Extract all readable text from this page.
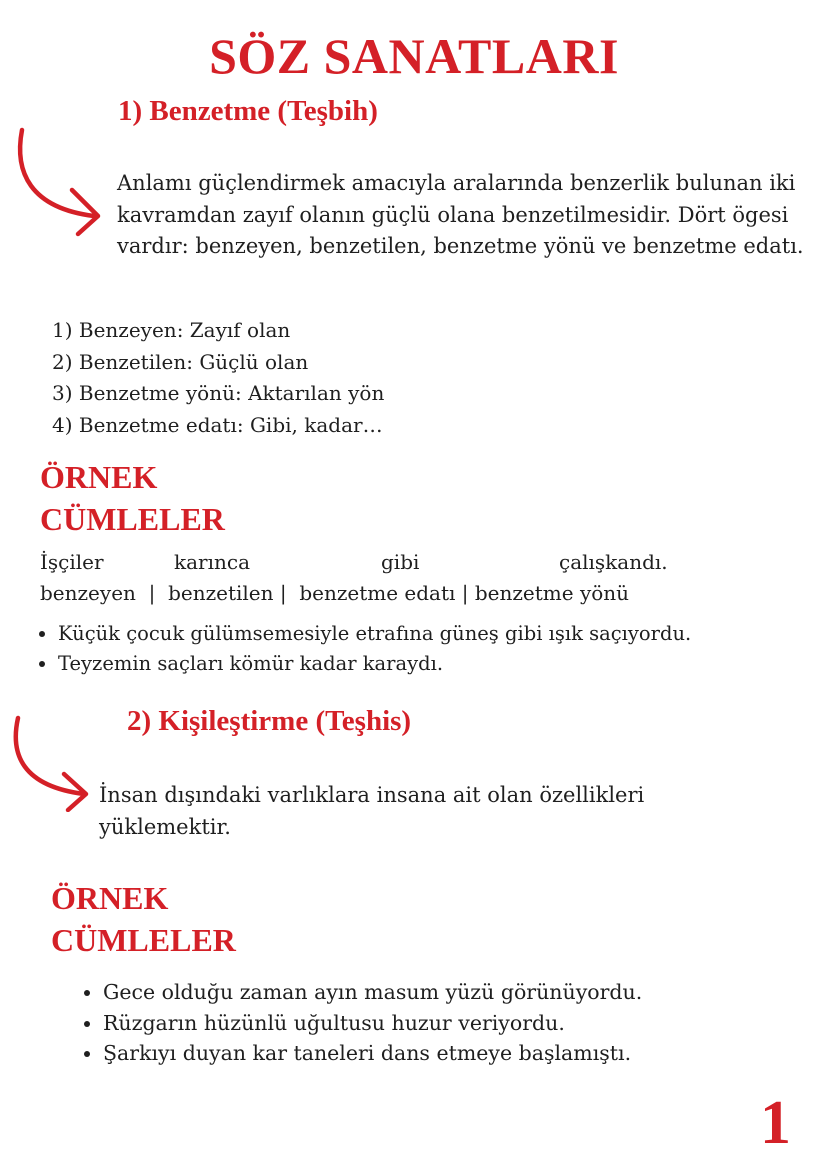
SÖZ SANATLARI
1) Benzetme (Teşbih)

Anlamı güçlendirmek amacıyla aralarında benzerlik bulunan iki kavramdan zayıf olanın güçlü olana benzetilmesidir. Dört ögesi vardır: benzeyen, benzetilen, benzetme yönü ve benzetme edatı.

1) Benzeyen: Zayıf olan
2) Benzetilen: Güçlü olan
3) Benzetme yönü: Aktarılan yön
4) Benzetme edatı: Gibi, kadar…
ÖRNEK
CÜMLELER
İşçiler	karınca	gibi	çalışkandı.
benzeyen  |  benzetilen |  benzetme edatı | benzetme yönü
• Küçük çocuk gülümsemesiyle etrafına güneş gibi ışık saçıyordu.
• Teyzemin saçları kömür kadar karaydı.
2) Kişileştirme (Teşhis)

İnsan dışındaki varlıklara insana ait olan özellikleri yüklemektir.

ÖRNEK
CÜMLELER
• Gece olduğu zaman ayın masum yüzü görünüyordu.
• Rüzgarın hüzünlü uğultusu huzur veriyordu.
• Şarkıyı duyan kar taneleri dans etmeye başlamıştı.
1
